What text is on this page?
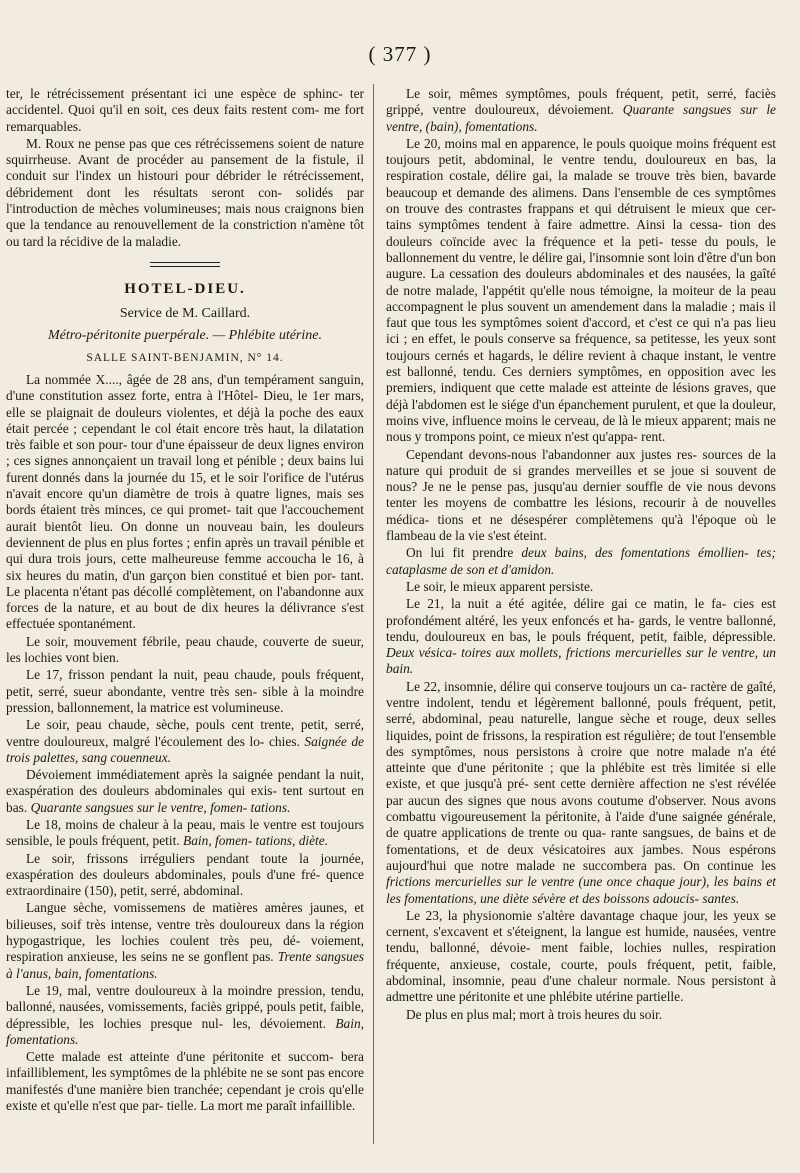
( 377 )

ter, le rétrécissement présentant ici une espèce de sphinc- ter accidentel. Quoi qu'il en soit, ces deux faits restent com- me fort remarquables.

M. Roux ne pense pas que ces rétrécissemens soient de nature squirrheuse. Avant de procéder au pansement de la fistule, il conduit sur l'index un histouri pour débrider le rétrécissement, débridement dont les résultats seront con- solidés par l'introduction de mèches volumineuses; mais nous craignons bien que la tendance au renouvellement de la constriction n'amène tôt ou tard la récidive de la maladie.

HOTEL-DIEU.
Service de M. Caillard.
Métro-péritonite puerpérale. — Phlébite utérine.
SALLE SAINT-BENJAMIN, N° 14.

La nommée X...., âgée de 28 ans, d'un tempérament sanguin, d'une constitution assez forte, entra à l'Hôtel- Dieu, le 1er mars, elle se plaignait de douleurs violentes, et déjà la poche des eaux était percée ; cependant le col était encore très haut, la dilatation très faible et son pour- tour d'une épaisseur de deux lignes environ ; ces signes annonçaient un travail long et pénible ; deux bains lui furent donnés dans la journée du 15, et le soir l'orifice de l'utérus n'avait encore qu'un diamètre de trois à quatre lignes, mais ses bords étaient très minces, ce qui promet- tait que l'accouchement aurait bientôt lieu. On donne un nouveau bain, les douleurs deviennent de plus en plus fortes ; enfin après un travail pénible et qui dura trois jours, cette malheureuse femme accoucha le 16, à six heures du matin, d'un garçon bien constitué et bien por- tant. Le placenta n'étant pas décollé complètement, on l'abandonne aux forces de la nature, et au bout de dix heures la délivrance s'est effectuée spontanément.

Le soir, mouvement fébrile, peau chaude, couverte de sueur, les lochies vont bien.

Le 17, frisson pendant la nuit, peau chaude, pouls fréquent, petit, serré, sueur abondante, ventre très sen- sible à la moindre pression, ballonnement, la matrice est volumineuse.

Le soir, peau chaude, sèche, pouls cent trente, petit, serré, ventre douloureux, malgré l'écoulement des lo- chies. Saignée de trois palettes, sang couenneux.

Dévoiement immédiatement après la saignée pendant la nuit, exaspération des douleurs abdominales qui exis- tent surtout en bas. Quarante sangsues sur le ventre, fomen- tations.

Le 18, moins de chaleur à la peau, mais le ventre est toujours sensible, le pouls fréquent, petit. Bain, fomen- tations, diète.

Le soir, frissons irréguliers pendant toute la journée, exaspération des douleurs abdominales, pouls d'une fré- quence extraordinaire (150), petit, serré, abdominal.

Langue sèche, vomissemens de matières amères jaunes, et bilieuses, soif très intense, ventre très douloureux dans la région hypogastrique, les lochies coulent très peu, dé- voiement, respiration anxieuse, les seins ne se gonflent pas. Trente sangsues à l'anus, bain, fomentations.

Le 19, mal, ventre douloureux à la moindre pression, tendu, ballonné, nausées, vomissements, faciès grippé, pouls petit, faible, dépressible, les lochies presque nul- les, dévoiement. Bain, fomentations.

Cette malade est atteinte d'une péritonite et succom- bera infailliblement, les symptômes de la phlébite ne se sont pas encore manifestés d'une manière bien tranchée; cependant je crois qu'elle existe et qu'elle n'est que par- tielle. La mort me paraît infaillible.

Le soir, mêmes symptômes, pouls fréquent, petit, serré, faciès grippé, ventre douloureux, dévoiement. Quarante sangsues sur le ventre, (bain), fomentations.

Le 20, moins mal en apparence, le pouls quoique moins fréquent est toujours petit, abdominal, le ventre tendu, douloureux en bas, la respiration costale, délire gai, la malade se trouve très bien, bavarde beaucoup et demande des alimens. Dans l'ensemble de ces symptômes on trouve des contrastes frappans et qui détruisent le mieux que cer- tains symptômes tendent à faire admettre. Ainsi la cessa- tion des douleurs coïncide avec la fréquence et la peti- tesse du pouls, le ballonnement du ventre, le délire gai, l'insomnie sont loin d'être d'un bon augure. La cessation des douleurs abdominales et des nausées, la gaîté de notre malade, l'appétit qu'elle nous témoigne, la moiteur de la peau accompagnent le plus souvent un amendement dans la maladie ; mais il faut que tous les symptômes soient d'accord, et c'est ce qui n'a pas lieu ici ; en effet, le pouls conserve sa fréquence, sa petitesse, les yeux sont toujours cernés et hagards, le délire revient à chaque instant, le ventre est ballonné, tendu. Ces derniers symptômes, en opposition avec les premiers, indiquent que cette malade est atteinte de lésions graves, que déjà l'abdomen est le siége d'un épanchement purulent, et que la douleur, moins vive, influence moins le cerveau, de là le mieux apparent; mais ne nous y trompons point, ce mieux n'est qu'appa- rent.

Cependant devons-nous l'abandonner aux justes res- sources de la nature qui produit de si grandes merveilles et se joue si souvent de nous? Je ne le pense pas, jusqu'au dernier souffle de vie nous devons tenter les moyens de combattre les lésions, recourir à de nouvelles médica- tions et ne désespérer complètemens qu'à l'époque où le flambeau de la vie s'est éteint.

On lui fit prendre deux bains, des fomentations émollien- tes; cataplasme de son et d'amidon.

Le soir, le mieux apparent persiste.

Le 21, la nuit a été agitée, délire gai ce matin, le fa- cies est profondément altéré, les yeux enfoncés et ha- gards, le ventre ballonné, tendu, douloureux en bas, le pouls fréquent, petit, faible, dépressible. Deux vésica- toires aux mollets, frictions mercurielles sur le ventre, un bain.

Le 22, insomnie, délire qui conserve toujours un ca- ractère de gaîté, ventre indolent, tendu et légèrement ballonné, pouls fréquent, petit, serré, abdominal, peau naturelle, langue sèche et rouge, deux selles liquides, point de frissons, la respiration est régulière; de tout l'ensemble des symptômes, nous persistons à croire que notre malade n'a été atteinte que d'une péritonite ; que la phlébite est très limitée si elle existe, et que jusqu'à pré- sent cette dernière affection ne s'est révélée par aucun des signes que nous avons coutume d'observer. Nous avons combattu vigoureusement la péritonite, à l'aide d'une saignée générale, de quatre applications de trente ou qua- rante sangsues, de bains et de fomentations, et de deux vésicatoires aux jambes. Nous espérons aujourd'hui que notre malade ne succombera pas. On continue les frictions mercurielles sur le ventre (une once chaque jour), les bains et les fomentations, une diète sévère et des boissons adoucis- santes.

Le 23, la physionomie s'altère davantage chaque jour, les yeux se cernent, s'excavent et s'éteignent, la langue est humide, nausées, ventre tendu, ballonné, dévoie- ment faible, lochies nulles, respiration fréquente, anxieuse, costale, courte, pouls fréquent, petit, faible, abdominal, insomnie, peau d'une chaleur normale. Nous persistont à admettre une péritonite et une phlébite utérine partielle.

De plus en plus mal; mort à trois heures du soir.
